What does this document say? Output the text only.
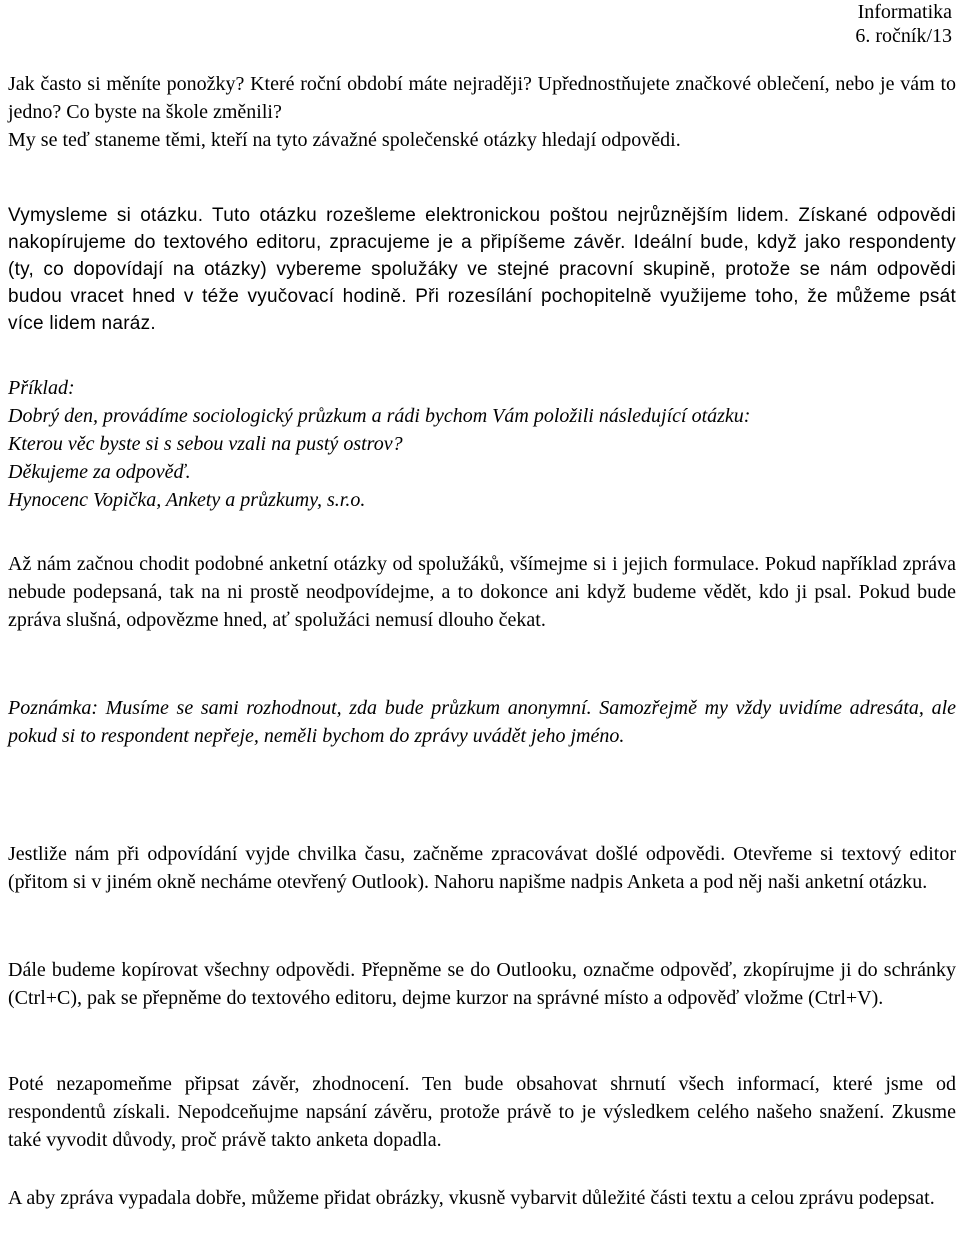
Informatika
6. ročník/13

Jak často si měníte ponožky? Které roční období máte nejraději? Upřednostňujete značkové oblečení, nebo je vám to jedno? Co byste na škole změnili?

My se teď staneme těmi, kteří na tyto závažné společenské otázky hledají odpovědi.

Vymysleme si otázku. Tuto otázku rozešleme elektronickou poštou nejrůznějším lidem. Získané odpovědi nakopírujeme do textového editoru, zpracujeme je a připíšeme závěr. Ideální bude, když jako respondenty (ty, co dopovídají na otázky) vybereme spolužáky ve stejné pracovní skupině, protože se nám odpovědi budou vracet hned v téže vyučovací hodině. Při rozesílání pochopitelně využijeme toho, že můžeme psát více lidem naráz.

Příklad:

Dobrý den, provádíme sociologický průzkum a rádi bychom Vám položili následující otázku:

Kterou věc byste si s sebou vzali na pustý ostrov?

Děkujeme za odpověď.

Hynocenc Vopička, Ankety a průzkumy, s.r.o.

Až nám začnou chodit podobné anketní otázky od spolužáků, všímejme si i jejich formulace. Pokud například zpráva nebude podepsaná, tak na ni prostě neodpovídejme, a to dokonce ani když budeme vědět, kdo ji psal. Pokud bude zpráva slušná, odpovězme hned, ať spolužáci nemusí dlouho čekat.

Poznámka: Musíme se sami rozhodnout, zda bude průzkum anonymní. Samozřejmě my vždy uvidíme adresáta, ale pokud si to respondent nepřeje, neměli bychom do zprávy uvádět jeho jméno.

Jestliže nám při odpovídání vyjde chvilka času, začněme zpracovávat došlé odpovědi. Otevřeme si textový editor (přitom si v jiném okně necháme otevřený Outlook). Nahoru napišme nadpis Anketa a pod něj naši anketní otázku.

Dále budeme kopírovat všechny odpovědi. Přepněme se do Outlooku, označme odpověď, zkopírujme ji do schránky (Ctrl+C), pak se přepněme do textového editoru, dejme kurzor na správné místo a odpověď vložme (Ctrl+V).

Poté nezapomeňme připsat závěr, zhodnocení. Ten bude obsahovat shrnutí všech informací, které jsme od respondentů získali. Nepodceňujme napsání závěru, protože právě to je výsledkem celého našeho snažení. Zkusme také vyvodit důvody, proč právě takto anketa dopadla.

A aby zpráva vypadala dobře, můžeme přidat obrázky, vkusně vybarvit důležité části textu a celou zprávu podepsat.
